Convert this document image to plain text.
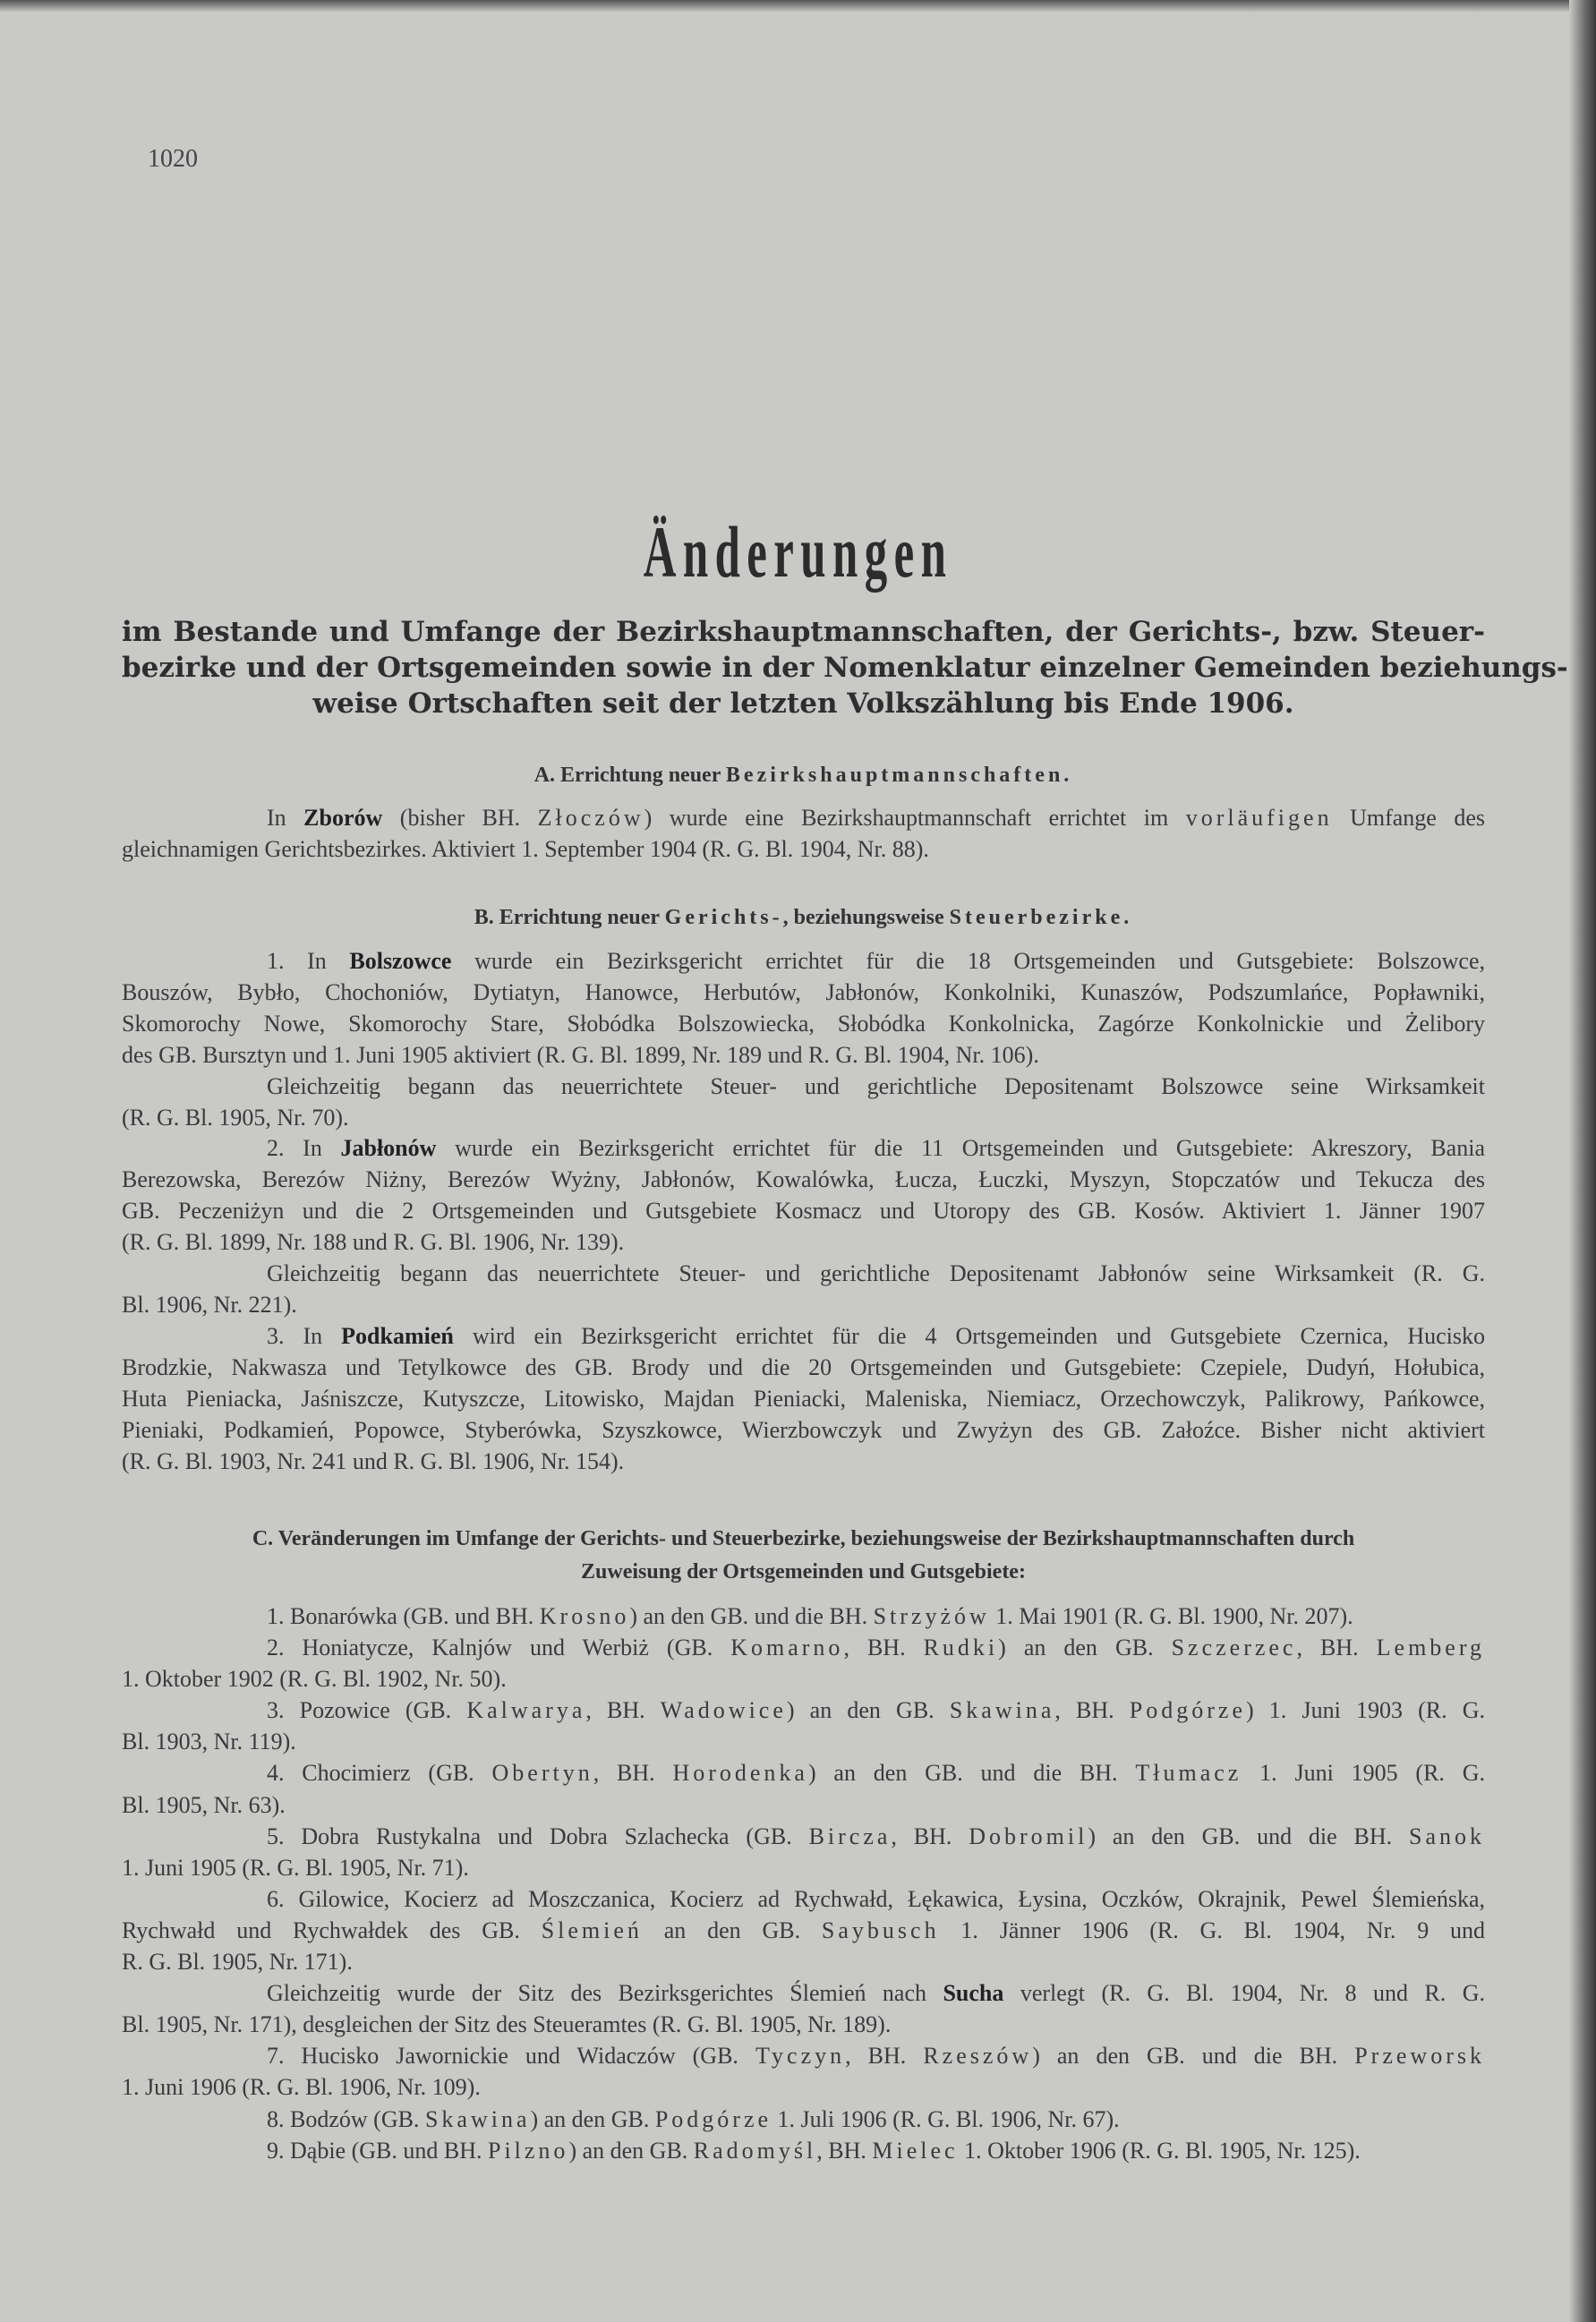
1020
Änderungen
im Bestande und Umfange der Bezirkshauptmannschaften, der Gerichts-, bzw. Steuer-
bezirke und der Ortsgemeinden sowie in der Nomenklatur einzelner Gemeinden beziehungs-
weise Ortschaften seit der letzten Volkszählung bis Ende 1906.
A. Errichtung neuer Bezirkshauptmannschaften.
In Zborów (bisher BH. Złoczów) wurde eine Bezirkshauptmannschaft errichtet im vorläufigen Umfange des
gleichnamigen Gerichtsbezirkes. Aktiviert 1. September 1904 (R. G. Bl. 1904, Nr. 88).
B. Errichtung neuer Gerichts-, beziehungsweise Steuerbezirke.
1. In Bolszowce wurde ein Bezirksgericht errichtet für die 18 Ortsgemeinden und Gutsgebiete: Bolszowce,
Bouszów, Bybło, Chochoniów, Dytiatyn, Hanowce, Herbutów, Jabłonów, Konkolniki, Kunaszów, Podszumlańce, Popławniki,
Skomorochy Nowe, Skomorochy Stare, Słobódka Bolszowiecka, Słobódka Konkolnicka, Zagórze Konkolnickie und Żelibory
des GB. Bursztyn und 1. Juni 1905 aktiviert (R. G. Bl. 1899, Nr. 189 und R. G. Bl. 1904, Nr. 106).
Gleichzeitig begann das neuerrichtete Steuer- und gerichtliche Depositenamt Bolszowce seine Wirksamkeit
(R. G. Bl. 1905, Nr. 70).
2. In Jabłonów wurde ein Bezirksgericht errichtet für die 11 Ortsgemeinden und Gutsgebiete: Akreszory, Bania
Berezowska, Berezów Niżny, Berezów Wyżny, Jabłonów, Kowalówka, Łucza, Łuczki, Myszyn, Stopczatów und Tekucza des
GB. Peczeniżyn und die 2 Ortsgemeinden und Gutsgebiete Kosmacz und Utoropy des GB. Kosów. Aktiviert 1. Jänner 1907
(R. G. Bl. 1899, Nr. 188 und R. G. Bl. 1906, Nr. 139).
Gleichzeitig begann das neuerrichtete Steuer- und gerichtliche Depositenamt Jabłonów seine Wirksamkeit (R. G.
Bl. 1906, Nr. 221).
3. In Podkamień wird ein Bezirksgericht errichtet für die 4 Ortsgemeinden und Gutsgebiete Czernica, Hucisko
Brodzkie, Nakwasza und Tetylkowce des GB. Brody und die 20 Ortsgemeinden und Gutsgebiete: Czepiele, Dudyń, Hołubica,
Huta Pieniacka, Jaśniszcze, Kutyszcze, Litowisko, Majdan Pieniacki, Maleniska, Niemiacz, Orzechowczyk, Palikrowy, Pańkowce,
Pieniaki, Podkamień, Popowce, Styberówka, Szyszkowce, Wierzbowczyk und Zwyżyn des GB. Załoźce. Bisher nicht aktiviert
(R. G. Bl. 1903, Nr. 241 und R. G. Bl. 1906, Nr. 154).
C. Veränderungen im Umfange der Gerichts- und Steuerbezirke, beziehungsweise der Bezirkshauptmannschaften durch
Zuweisung der Ortsgemeinden und Gutsgebiete:
1. Bonarówka (GB. und BH. Krosno) an den GB. und die BH. Strzyżów 1. Mai 1901 (R. G. Bl. 1900, Nr. 207).
2. Honiatycze, Kalnjów und Werbiż (GB. Komarno, BH. Rudki) an den GB. Szczerzec, BH. Lemberg
1. Oktober 1902 (R. G. Bl. 1902, Nr. 50).
3. Pozowice (GB. Kalwarya, BH. Wadowice) an den GB. Skawina, BH. Podgórze) 1. Juni 1903 (R. G.
Bl. 1903, Nr. 119).
4. Chocimierz (GB. Obertyn, BH. Horodenka) an den GB. und die BH. Tłumacz 1. Juni 1905 (R. G.
Bl. 1905, Nr. 63).
5. Dobra Rustykalna und Dobra Szlachecka (GB. Bircza, BH. Dobromil) an den GB. und die BH. Sanok
1. Juni 1905 (R. G. Bl. 1905, Nr. 71).
6. Gilowice, Kocierz ad Moszczanica, Kocierz ad Rychwałd, Łękawica, Łysina, Oczków, Okrajnik, Pewel Ślemieńska,
Rychwałd und Rychwałdek des GB. Ślemień an den GB. Saybusch 1. Jänner 1906 (R. G. Bl. 1904, Nr. 9 und
R. G. Bl. 1905, Nr. 171).
Gleichzeitig wurde der Sitz des Bezirksgerichtes Ślemień nach Sucha verlegt (R. G. Bl. 1904, Nr. 8 und R. G.
Bl. 1905, Nr. 171), desgleichen der Sitz des Steueramtes (R. G. Bl. 1905, Nr. 189).
7. Hucisko Jawornickie und Widaczów (GB. Tyczyn, BH. Rzeszów) an den GB. und die BH. Przeworsk
1. Juni 1906 (R. G. Bl. 1906, Nr. 109).
8. Bodzów (GB. Skawina) an den GB. Podgórze 1. Juli 1906 (R. G. Bl. 1906, Nr. 67).
9. Dąbie (GB. und BH. Pilzno) an den GB. Radomyśl, BH. Mielec 1. Oktober 1906 (R. G. Bl. 1905, Nr. 125).
